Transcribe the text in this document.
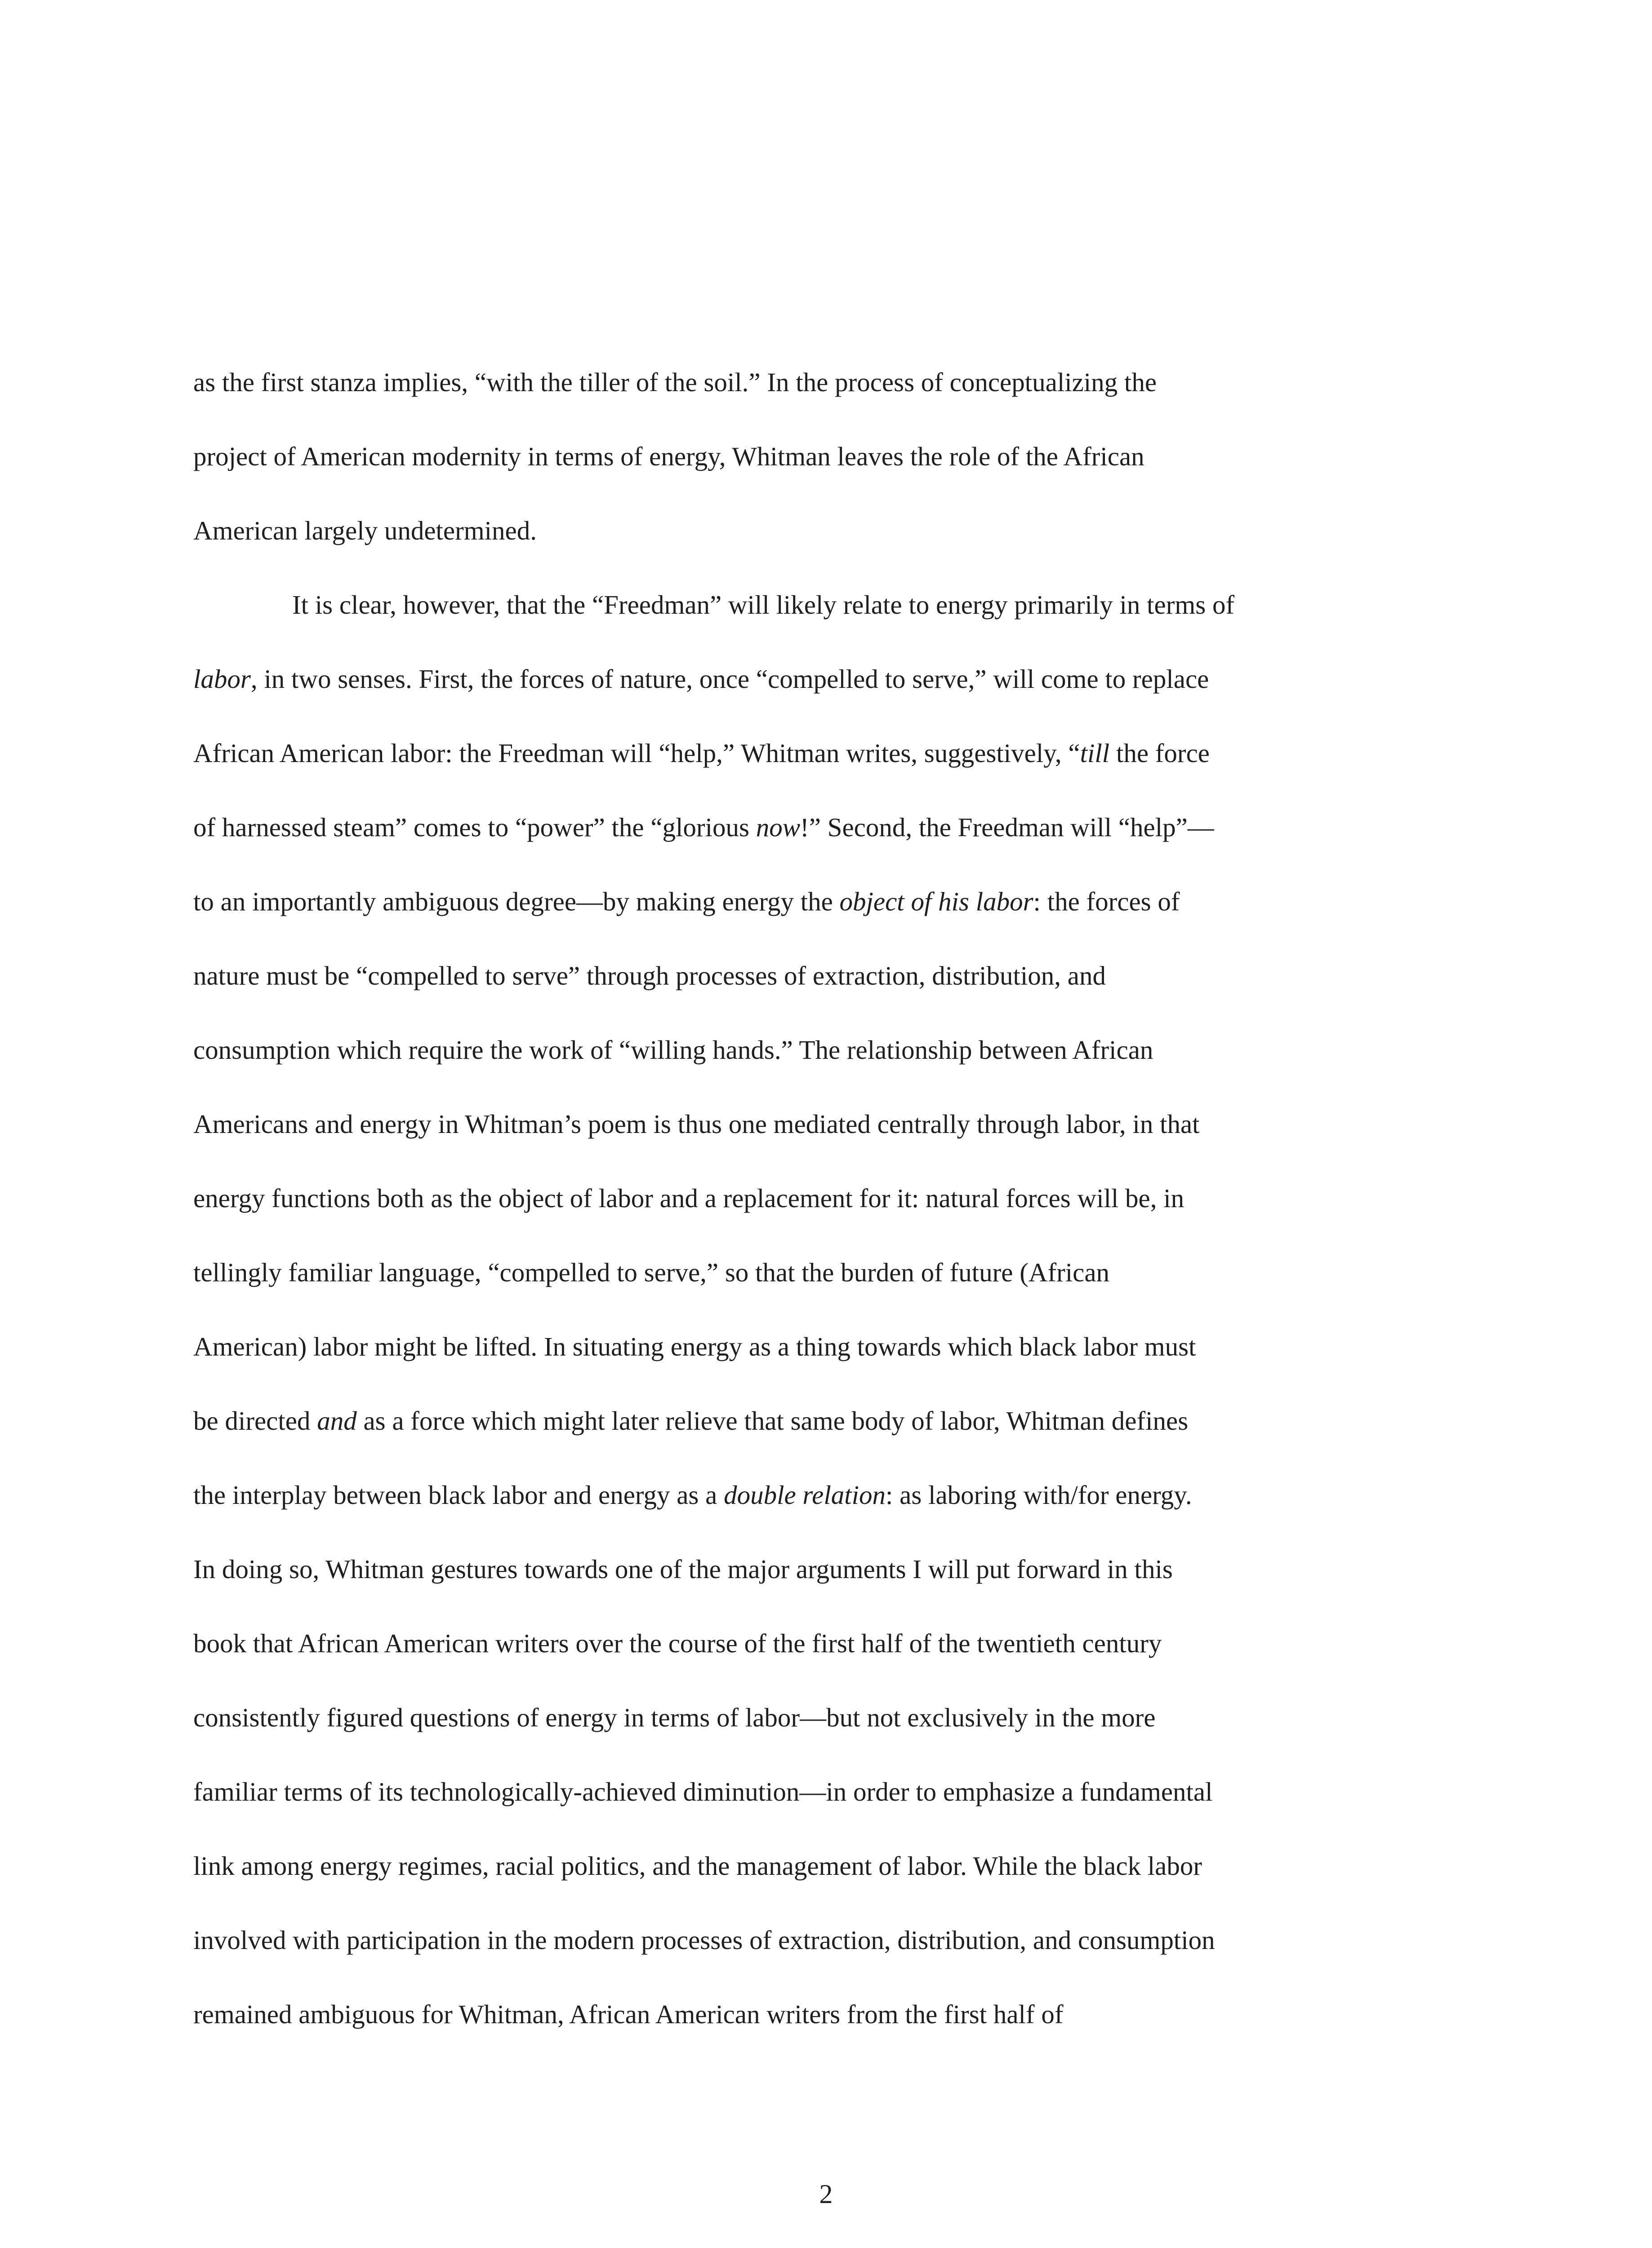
as the first stanza implies, “with the tiller of the soil.” In the process of conceptualizing the
project of American modernity in terms of energy, Whitman leaves the role of the African
American largely undetermined.
It is clear, however, that the “Freedman” will likely relate to energy primarily in terms of
labor, in two senses. First, the forces of nature, once “compelled to serve,” will come to replace
African American labor: the Freedman will “help,” Whitman writes, suggestively, “till the force
of harnessed steam” comes to “power” the “glorious now!” Second, the Freedman will “help”—
to an importantly ambiguous degree—by making energy the object of his labor: the forces of
nature must be “compelled to serve” through processes of extraction, distribution, and
consumption which require the work of “willing hands.” The relationship between African
Americans and energy in Whitman’s poem is thus one mediated centrally through labor, in that
energy functions both as the object of labor and a replacement for it: natural forces will be, in
tellingly familiar language, “compelled to serve,” so that the burden of future (African
American) labor might be lifted. In situating energy as a thing towards which black labor must
be directed and as a force which might later relieve that same body of labor, Whitman defines
the interplay between black labor and energy as a double relation: as laboring with/for energy.
In doing so, Whitman gestures towards one of the major arguments I will put forward in this
book that African American writers over the course of the first half of the twentieth century
consistently figured questions of energy in terms of labor—but not exclusively in the more
familiar terms of its technologically-achieved diminution—in order to emphasize a fundamental
link among energy regimes, racial politics, and the management of labor. While the black labor
involved with participation in the modern processes of extraction, distribution, and consumption
remained ambiguous for Whitman, African American writers from the first half of
2
